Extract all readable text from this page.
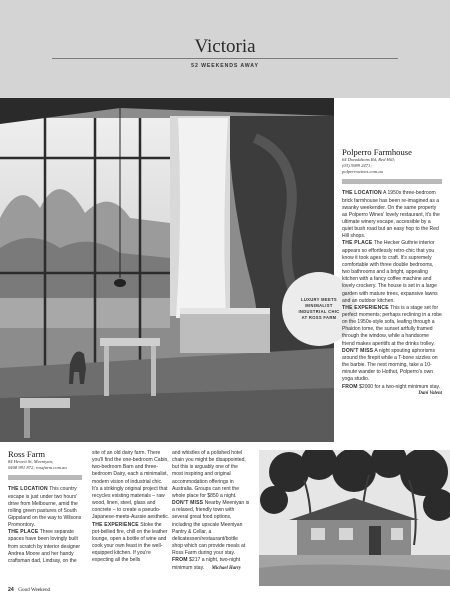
Victoria
52 WEEKENDS AWAY
LUXURY MEETS MINIMALIST INDUSTRIAL CHIC AT ROSS FARM
Polperro Farmhouse
64 Donaldsons Rd, Red Hill;
(03) 5989 2471;
polperrowines.com.au

THE LOCATION A 1950s three-bedroom brick farmhouse has been re-imagined as a swanky weekender. On the same property as Polperro Wines' lovely restaurant, it's the ultimate winery escape, accessible by a quiet bush road but an easy hop to the Red Hill shops.

THE PLACE The Hecker Guthrie interior appears so effortlessly retro-chic that you know it took ages to craft. It's supremely comfortable with three double bedrooms, two bathrooms and a bright, appealing kitchen with a fancy coffee machine and lovely crockery. The house is set in a large garden with mature trees, expansive lawns and an outdoor kitchen.

THE EXPERIENCE This is a stage set for perfect moments; perhaps reclining in a robe on the 1950s-style sofa, leafing through a Phaidon tome, the sunset artfully framed through the window, while a handsome friend makes aperitifs at the drinks trolley.

DON'T MISS A night spouting aphorisms around the firepit while a T-bone sizzles on the barbie. The next morning, take a 10-minute wander to Hothut, Polperro's own yoga studio.

FROM $2000 for a two-night minimum stay.

Dani Valent
Ross Farm
84 Hewett St, Meeniyan;
0408 991 872; rossfarm.com.au

THE LOCATION This country escape is just under two hours' drive from Melbourne, amid the rolling green pastures of South Gippsland on the way to Wilsons Promontory.

THE PLACE Three separate spaces have been lovingly built from scratch by interior designer Andrea Moore and her handy craftsman dad, Lindsay, on the

site of an old dairy farm. There you'll find the one-bedroom Cabin, two-bedroom Barn and three-bedroom Dairy, each a minimalist, modern vision of industrial chic. It's a strikingly original project that recycles existing materials – raw wood, linen, steel, glass and concrete – to create a pseudo-Japanese-meets-Aussie aesthetic.

THE EXPERIENCE Stoke the pot-bellied fire, chill on the leather lounge, open a bottle of wine and cook your own feast in the well-equipped kitchen. If you're expecting all the bells

and whistles of a polished hotel chain you might be disappointed, but this is arguably one of the most inspiring and original accommodation offerings in Australia. Groups can rent the whole place for $850 a night.

DON'T MISS Nearby Meeniyan is a relaxed, friendly town with several great food options, including the upscale Meeniyan Pantry & Cellar, a delicatessen/restaurant/bottle shop which can provide meals at Ross Farm during your stay.

FROM $217 a night, two-night minimum stay. Michael Harry

24 Good Weekend
